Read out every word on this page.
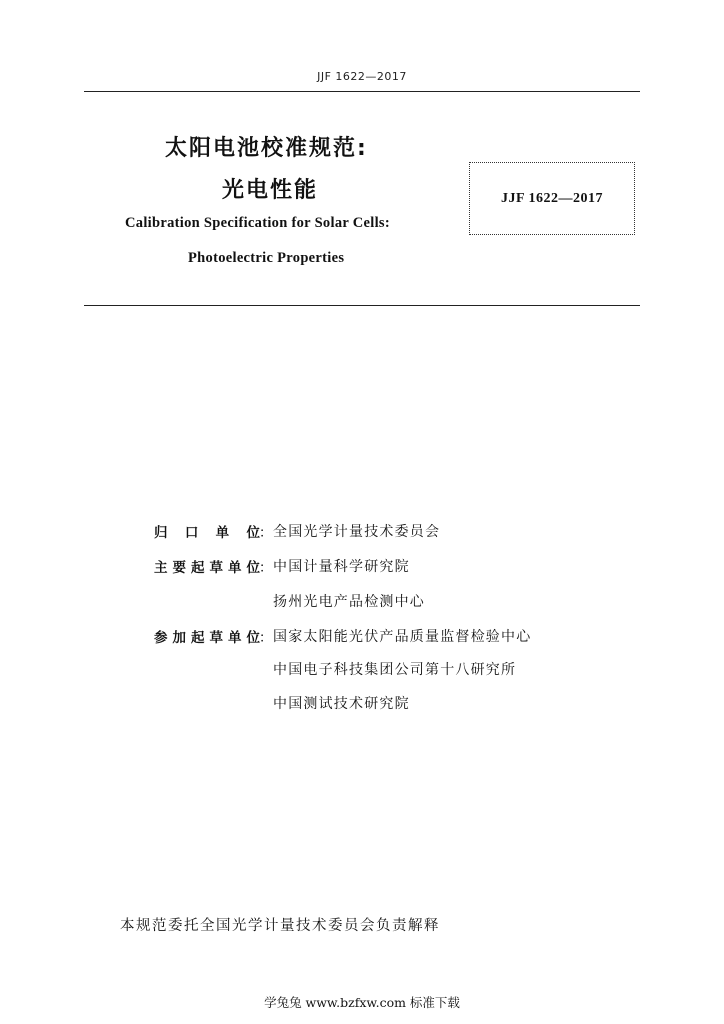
JJF 1622—2017
太阳电池校准规范:
光电性能
Calibration Specification for Solar Cells:
Photoelectric Properties
JJF 1622—2017
归 口 单 位 ： 全国光学计量技术委员会
主 要 起 草 单 位 ： 中国计量科学研究院
扬州光电产品检测中心
参 加 起 草 单 位 ： 国家太阳能光伏产品质量监督检验中心
中国电子科技集团公司第十八研究所
中国测试技术研究院
本规范委托全国光学计量技术委员会负责解释
学兔兔 www.bzfxw.com 标准下载
